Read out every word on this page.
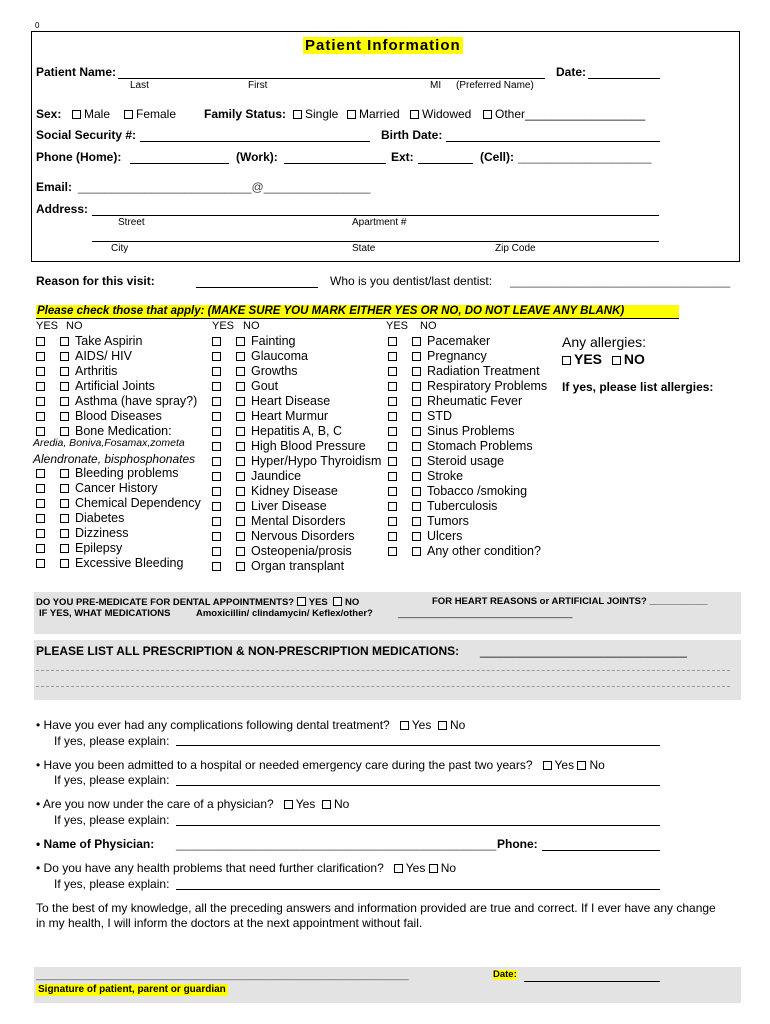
0
Patient Information
Patient Name:	Date:
Last	First	MI (Preferred Name)
Sex:	Male	Female Family Status:	Single	Married	Widowed	Other__________________
Social Security #:	Birth Date:
Phone (Home):	(Work):	Ext:	(Cell): ____________________
Email: __________________________@________________
Address:
Street	Apartment #
City	State	Zip Code
Reason for this visit:	Who is you dentist/last dentist: _________________________________
Please check those that apply: (MAKE SURE YOU MARK EITHER YES OR NO, DO NOT LEAVE ANY BLANK)
YES NO	YES NO	YES NO
Take Aspirin
AIDS/ HIV
Arthritis
Artificial Joints
Asthma (have spray?)
Blood Diseases
Bone Medication:
Aredia, Boniva,Fosamax,zometa
Alendronate, bisphosphonates
Bleeding problems
Cancer History
Chemical Dependency
Diabetes
Dizziness
Epilepsy
Excessive Bleeding
Fainting
Glaucoma
Growths
Gout
Heart Disease
Heart Murmur
Hepatitis A, B, C
High Blood Pressure
Hyper/Hypo Thyroidism
Jaundice
Kidney Disease
Liver Disease
Mental Disorders
Nervous Disorders
Osteopenia/prosis
Organ transplant
Pacemaker
Pregnancy
Radiation Treatment
Respiratory Problems
Rheumatic Fever
STD
Sinus Problems
Stomach Problems
Steroid usage
Stroke
Tobacco /smoking
Tuberculosis
Tumors
Ulcers
Any other condition?
Any allergies:
YES NO
If yes, please list allergies:
DO YOU PRE-MEDICATE FOR DENTAL APPOINTMENTS? YES NO	FOR HEART REASONS or ARTIFICIAL JOINTS? ___________
IF YES, WHAT MEDICATIONS	Amoxicillin/ clindamycin/ Keflex/other?	_________________________________
PLEASE LIST ALL PRESCRIPTION & NON-PRESCRIPTION MEDICATIONS: _______________________________
• Have you ever had any complications following dental treatment? Yes No
If yes, please explain:
• Have you been admitted to a hospital or needed emergency care during the past two years? Yes No
If yes, please explain:
• Are you now under the care of a physician? Yes No
If yes, please explain:
• Name of Physician: ________________________________________________ Phone:
• Do you have any health problems that need further clarification? Yes No
If yes, please explain:
To the best of my knowledge, all the preceding answers and information provided are true and correct. If I ever have any change in my health, I will inform the doctors at the next appointment without fail.
___________________________________________________________________	Date:
Signature of patient, parent or guardian
